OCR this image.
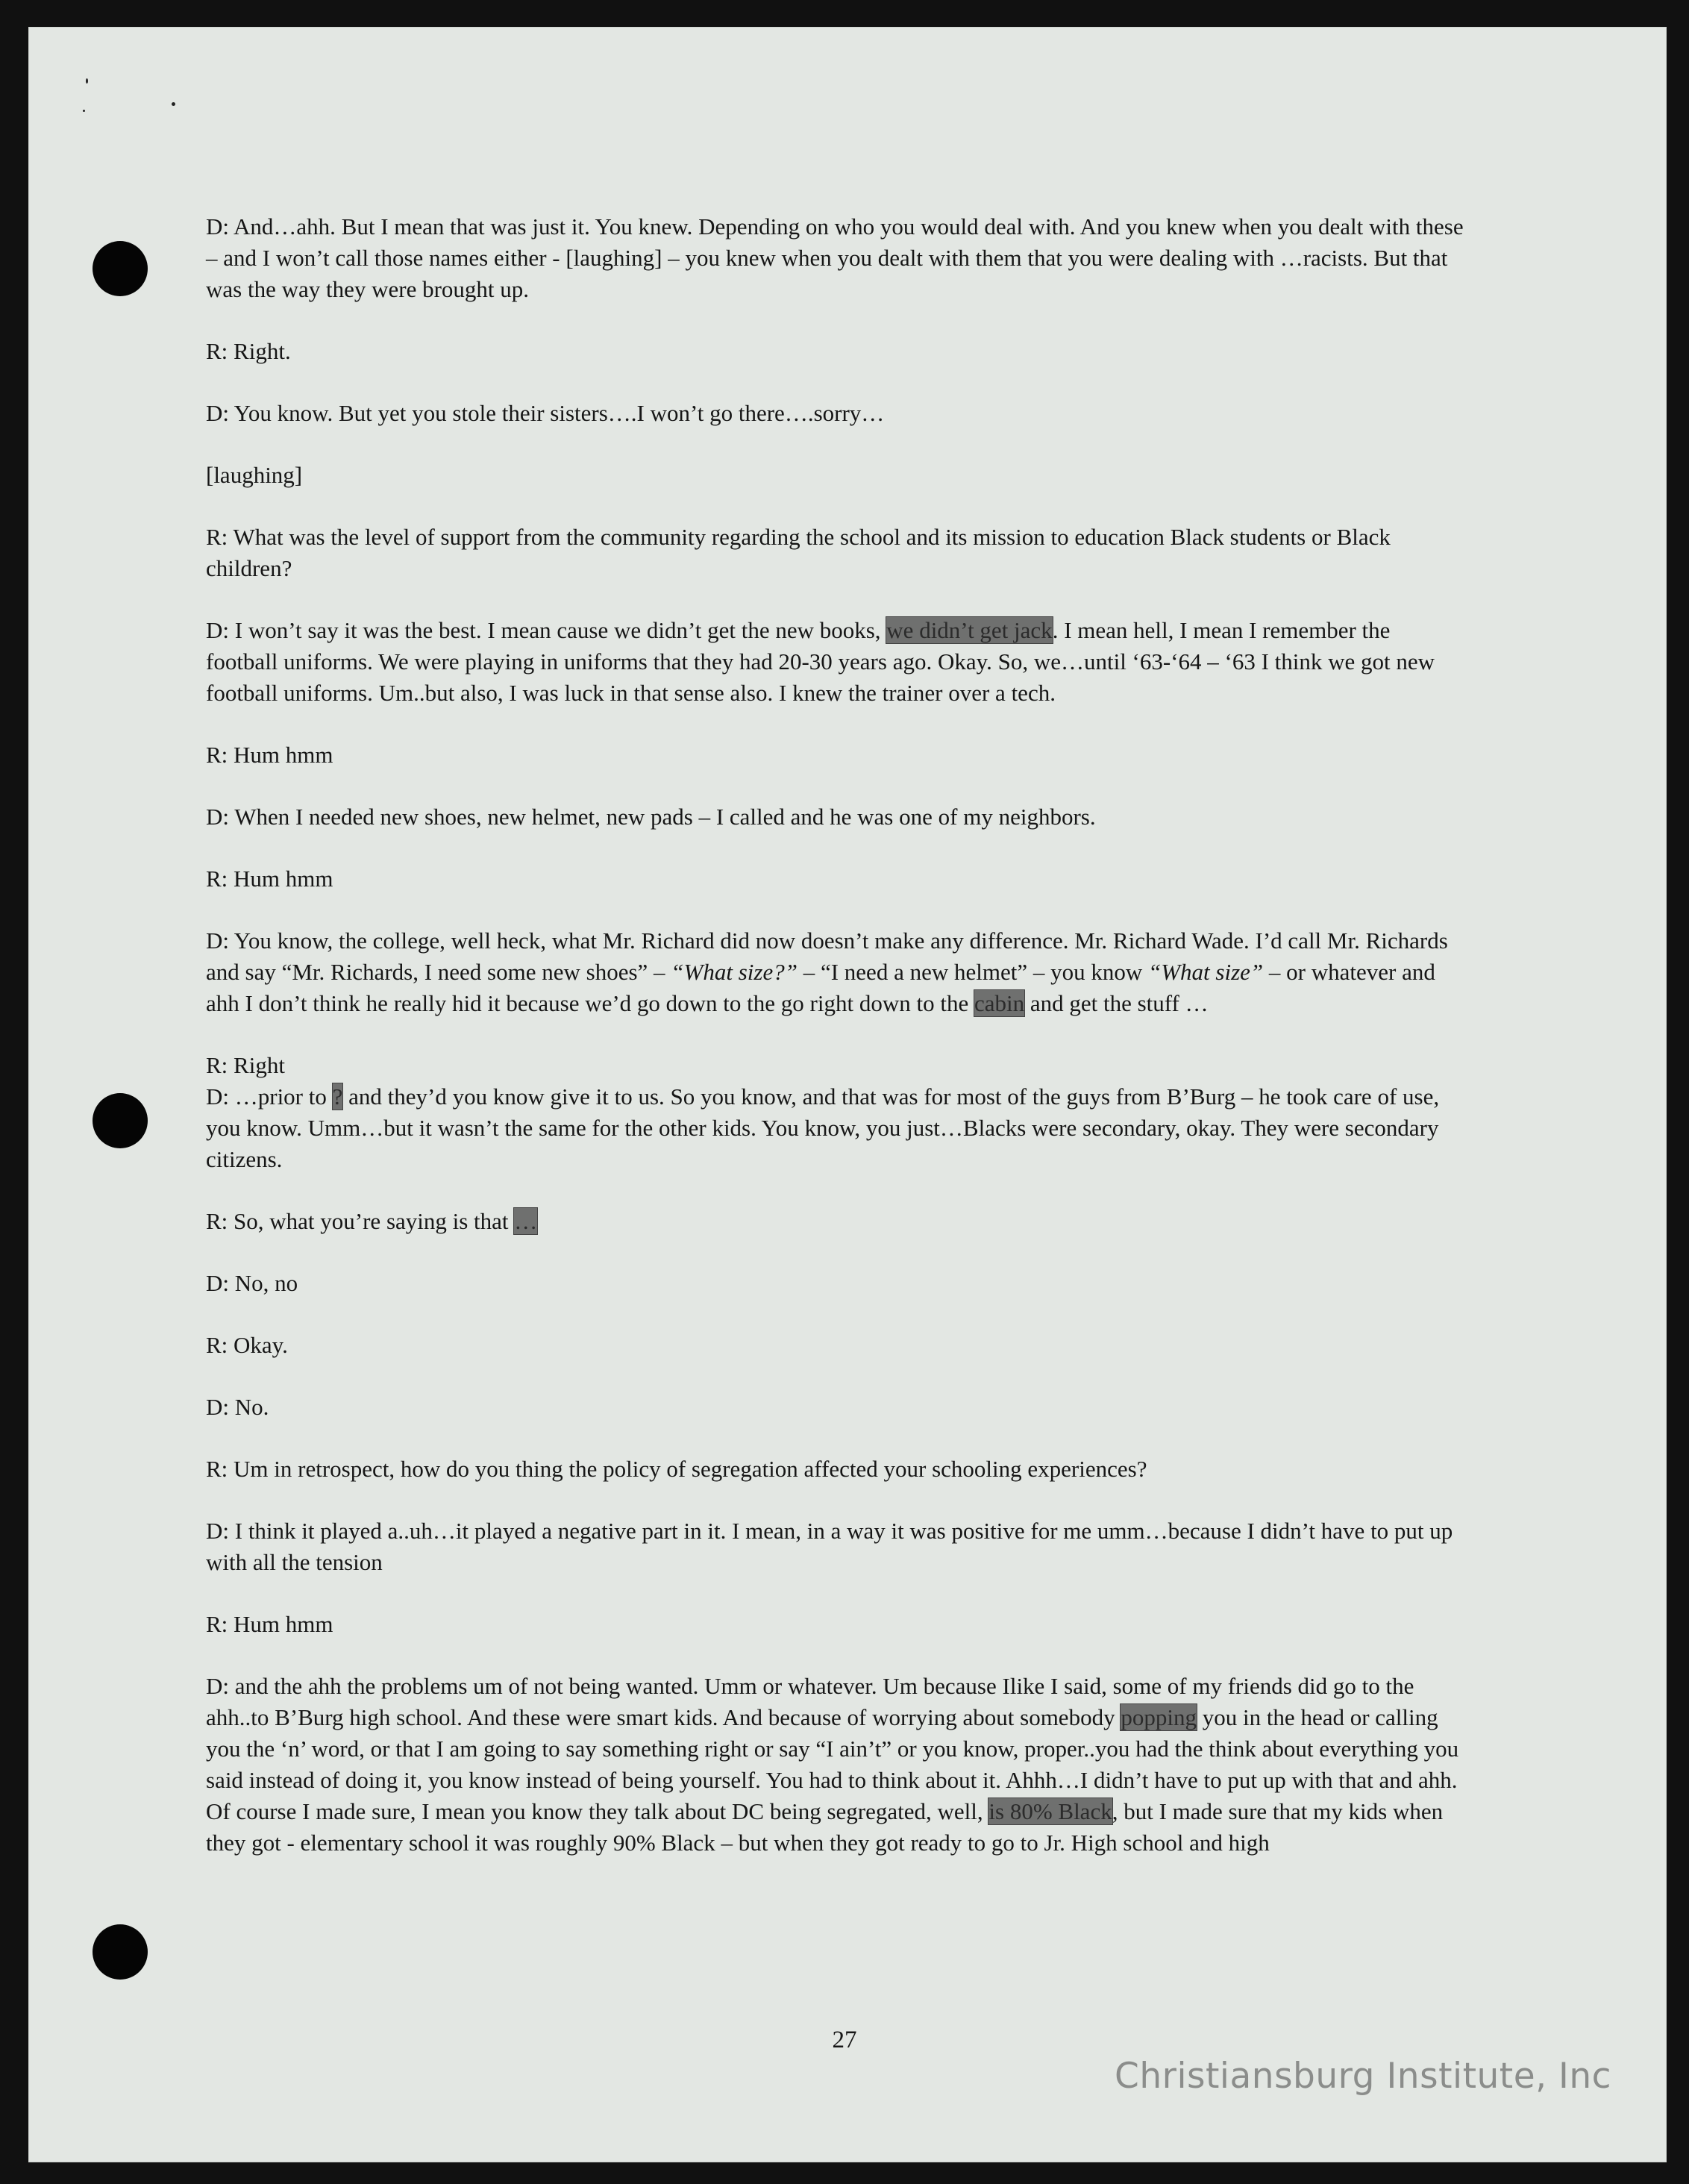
D: And…ahh. But I mean that was just it. You knew. Depending on who you would deal with. And you knew when you dealt with these – and I won’t call those names either - [laughing] – you knew when you dealt with them that you were dealing with …racists. But that was the way they were brought up.

R: Right.

D: You know. But yet you stole their sisters….I won’t go there….sorry…

[laughing]

R: What was the level of support from the community regarding the school and its mission to education Black students or Black children?

D: I won’t say it was the best. I mean cause we didn’t get the new books, we didn’t get jack. I mean hell, I mean I remember the football uniforms. We were playing in uniforms that they had 20-30 years ago. Okay. So, we…until ‘63-‘64 – ‘63 I think we got new football uniforms. Um..but also, I was luck in that sense also. I knew the trainer over a tech.

R: Hum hmm

D: When I needed new shoes, new helmet, new pads – I called and he was one of my neighbors.

R: Hum hmm

D: You know, the college, well heck, what Mr. Richard did now doesn’t make any difference. Mr. Richard Wade. I’d call Mr. Richards and say “Mr. Richards, I need some new shoes” – “What size?” – “I need a new helmet” – you know “What size” – or whatever and ahh I don’t think he really hid it because we’d go down to the go right down to the cabin and get the stuff …

R: Right

D: …prior to ? and they’d you know give it to us. So you know, and that was for most of the guys from B’Burg – he took care of use, you know. Umm…but it wasn’t the same for the other kids. You know, you just…Blacks were secondary, okay. They were secondary citizens.

R: So, what you’re saying is that …

D: No, no

R: Okay.

D: No.

R: Um in retrospect, how do you thing the policy of segregation affected your schooling experiences?

D: I think it played a..uh…it played a negative part in it. I mean, in a way it was positive for me umm…because I didn’t have to put up with all the tension

R: Hum hmm

D: and the ahh the problems um of not being wanted. Umm or whatever. Um because Ilike I said, some of my friends did go to the ahh..to B’Burg high school. And these were smart kids. And because of worrying about somebody popping you in the head or calling you the ‘n’ word, or that I am going to say something right or say “I ain’t” or you know, proper..you had the think about everything you said instead of doing it, you know instead of being yourself. You had to think about it. Ahhh…I didn’t have to put up with that and ahh. Of course I made sure, I mean you know they talk about DC being segregated, well, is 80% Black, but I made sure that my kids when they got - elementary school it was roughly 90% Black – but when they got ready to go to Jr. High school and high

27
Christiansburg Institute, Inc
